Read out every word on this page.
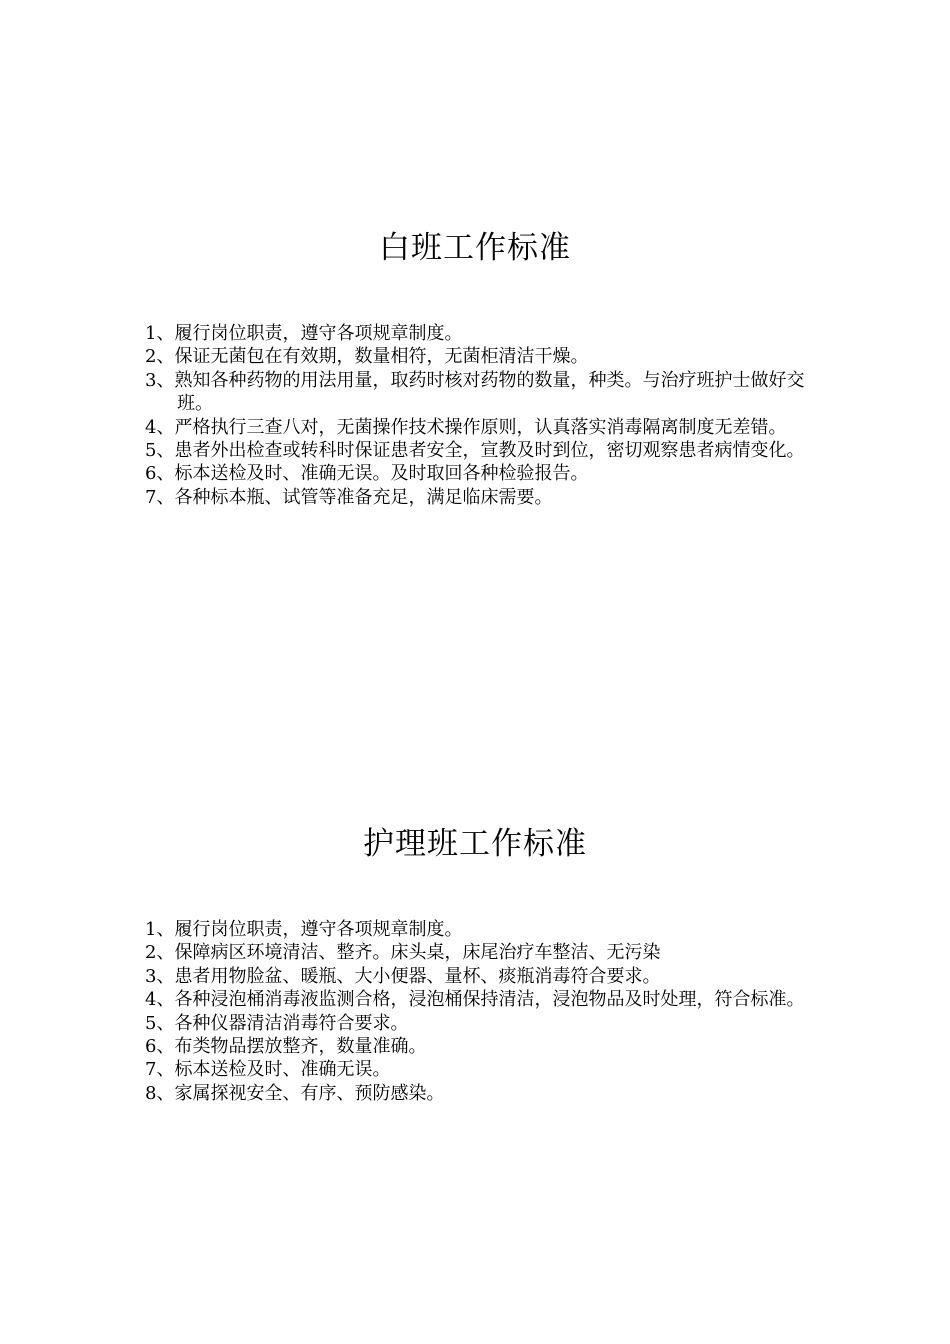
白班工作标准
1、履行岗位职责，遵守各项规章制度。
2、保证无菌包在有效期，数量相符，无菌柜清洁干燥。
3、熟知各种药物的用法用量，取药时核对药物的数量，种类。与治疗班护士做好交班。
4、严格执行三查八对，无菌操作技术操作原则，认真落实消毒隔离制度无差错。
5、患者外出检查或转科时保证患者安全，宣教及时到位，密切观察患者病情变化。
6、标本送检及时、准确无误。及时取回各种检验报告。
7、各种标本瓶、试管等准备充足，满足临床需要。
护理班工作标准
1、履行岗位职责，遵守各项规章制度。
2、保障病区环境清洁、整齐。床头桌，床尾治疗车整洁、无污染
3、患者用物脸盆、暖瓶、大小便器、量杯、痰瓶消毒符合要求。
4、各种浸泡桶消毒液监测合格，浸泡桶保持清洁，浸泡物品及时处理，符合标准。
5、各种仪器清洁消毒符合要求。
6、布类物品摆放整齐，数量准确。
7、标本送检及时、准确无误。
8、家属探视安全、有序、预防感染。
